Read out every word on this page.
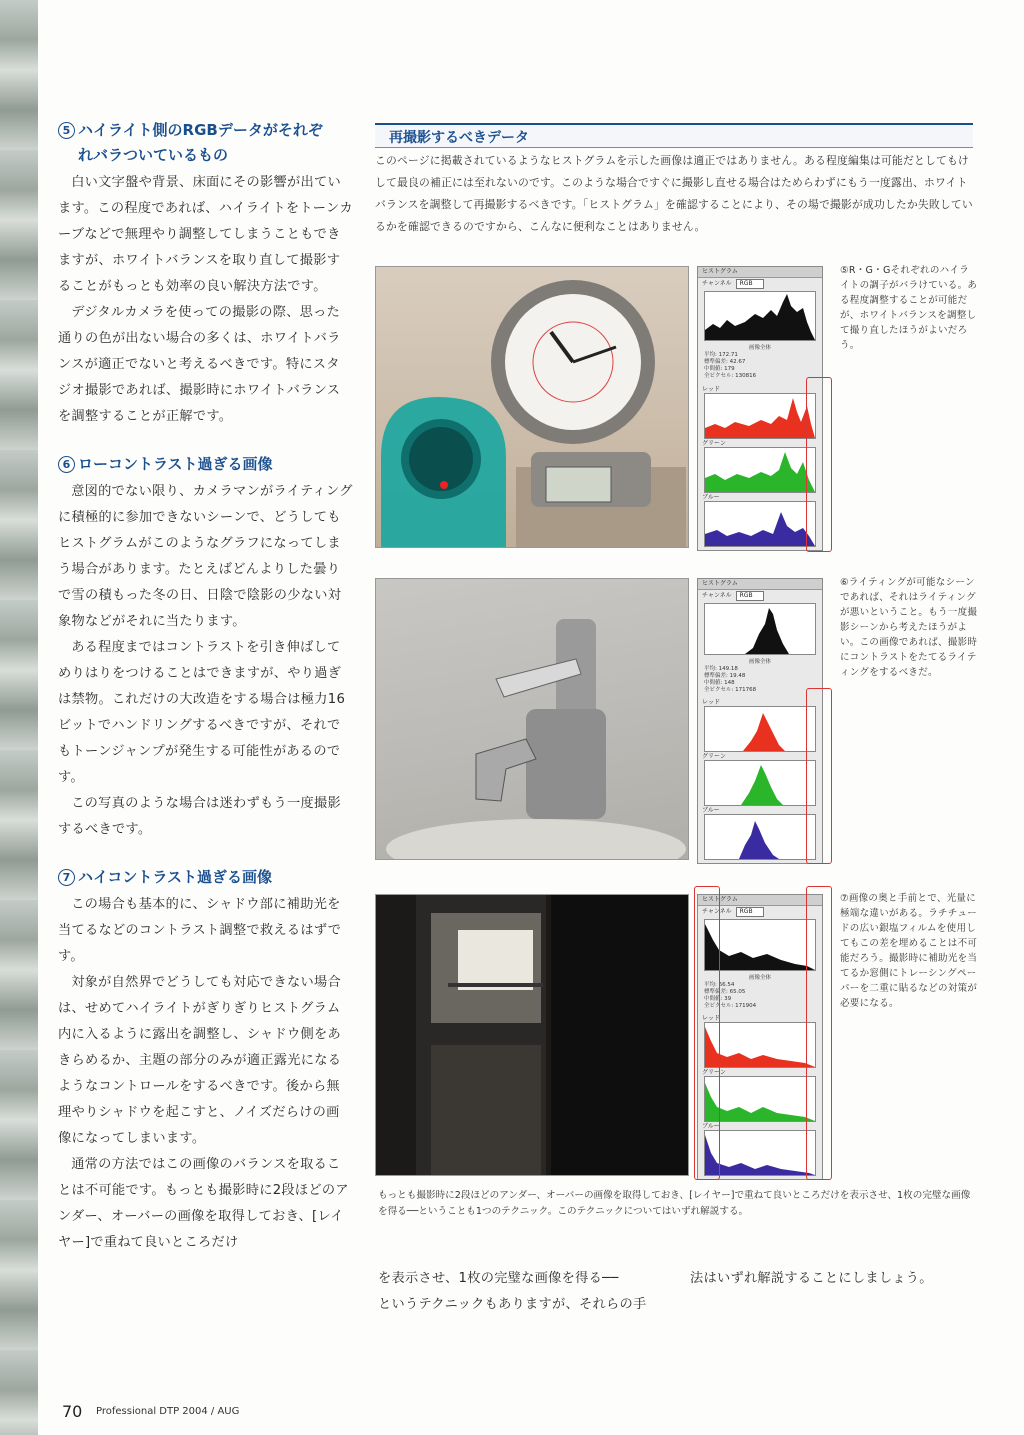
5 ハイライト側のRGBデータがそれぞ
れバラついているもの

白い文字盤や背景、床面にその影響が出ています。この程度であれば、ハイライトをトーンカーブなどで無理やり調整してしまうこともできますが、ホワイトバランスを取り直して撮影することがもっとも効率の良い解決方法です。

デジタルカメラを使っての撮影の際、思った通りの色が出ない場合の多くは、ホワイトバランスが適正でないと考えるべきです。特にスタジオ撮影であれば、撮影時にホワイトバランスを調整することが正解です。

6 ローコントラスト過ぎる画像

意図的でない限り、カメラマンがライティングに積極的に参加できないシーンで、どうしてもヒストグラムがこのようなグラフになってしまう場合があります。たとえばどんよりした曇りで雪の積もった冬の日、日陰で陰影の少ない対象物などがそれに当たります。

ある程度まではコントラストを引き伸ばしてめりはりをつけることはできますが、やり過ぎは禁物。これだけの大改造をする場合は極力16ビットでハンドリングするべきですが、それでもトーンジャンプが発生する可能性があるのです。

この写真のような場合は迷わずもう一度撮影するべきです。

7 ハイコントラスト過ぎる画像

この場合も基本的に、シャドウ部に補助光を当てるなどのコントラスト調整で救えるはずです。

対象が自然界でどうしても対応できない場合は、せめてハイライトがぎりぎりヒストグラム内に入るように露出を調整し、シャドウ側をあきらめるか、主題の部分のみが適正露光になるようなコントロールをするべきです。後から無理やりシャドウを起こすと、ノイズだらけの画像になってしまいます。

通常の方法ではこの画像のバランスを取ることは不可能です。もっとも撮影時に2段ほどのアンダー、オーバーの画像を取得しておき、[レイヤー]で重ねて良いところだけ

再撮影するべきデータ
このページに掲載されているようなヒストグラムを示した画像は適正ではありません。ある程度編集は可能だとしてもけして最良の補正には至れないのです。このような場合ですぐに撮影し直せる場合はためらわずにもう一度露出、ホワイトバランスを調整して再撮影するべきです。「ヒストグラム」を確認することにより、その場で撮影が成功したか失敗しているかを確認できるのですから、こんなに便利なことはありません。
ヒストグラム
チャンネル RGB
画像全体
平均: 172.71
標準偏差: 42.67
中間値: 179
全ピクセル: 130816
レッド
グリーン
ブルー
⑤R・G・Gそれぞれのハイライトの調子がバラけている。ある程度調整することが可能だが、ホワイトバランスを調整して撮り直したほうがよいだろう。
ヒストグラム
チャンネル RGB
画像全体
平均: 149.18
標準偏差: 19.48
中間値: 148
全ピクセル: 171768
レッド
グリーン
ブルー
⑥ライティングが可能なシーンであれば、それはライティングが悪いということ。もう一度撮影シーンから考えたほうがよい。この画像であれば、撮影時にコントラストをたてるライティングをするべきだ。
ヒストグラム
チャンネル RGB
画像全体
平均: 66.54
標準偏差: 65.05
中間値: 39
全ピクセル: 171904
レッド
グリーン
ブルー
⑦画像の奥と手前とで、光量に極端な違いがある。ラチチュードの広い銀塩フィルムを使用してもこの差を埋めることは不可能だろう。撮影時に補助光を当てるか窓側にトレーシングペーパーを二重に貼るなどの対策が必要になる。
もっとも撮影時に2段ほどのアンダー、オーバーの画像を取得しておき、[レイヤー]で重ねて良いところだけを表示させ、1枚の完璧な画像を得る──ということも1つのテクニック。このテクニックについてはいずれ解説する。
を表示させ、1枚の完璧な画像を得る──
というテクニックもありますが、それらの手
法はいずれ解説することにしましょう。
70 Professional DTP 2004 / AUG
